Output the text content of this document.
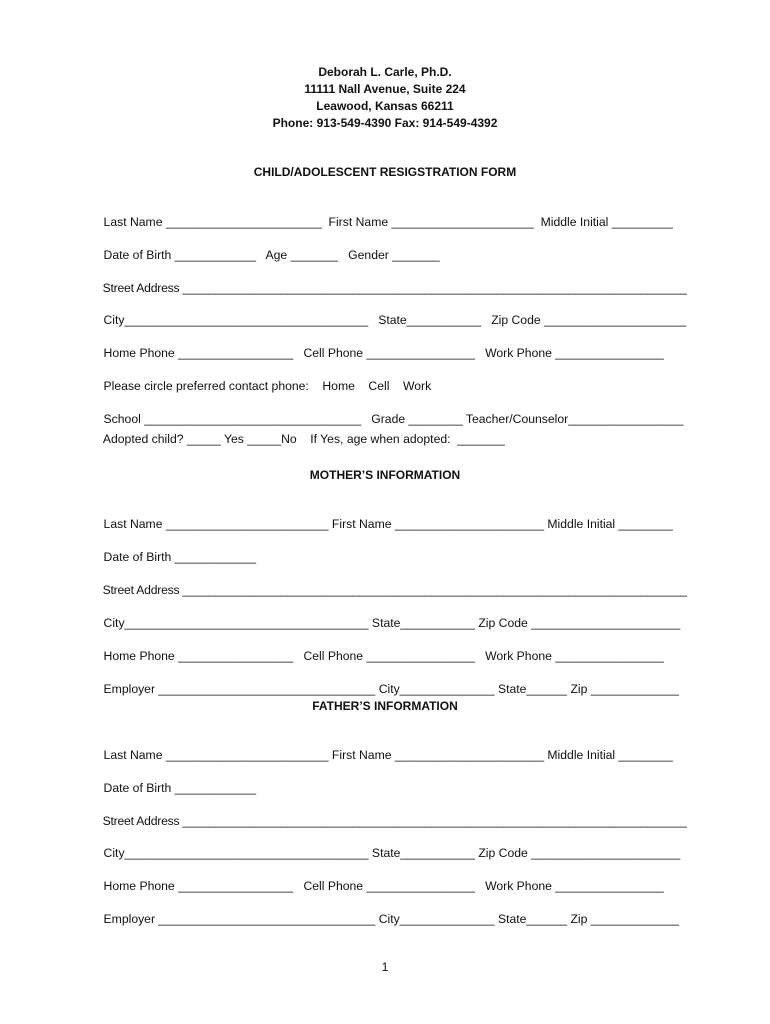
Deborah L. Carle, Ph.D.
11111 Nall Avenue, Suite 224
Leawood, Kansas 66211
Phone: 913-549-4390 Fax: 914-549-4392
CHILD/ADOLESCENT RESIGSTRATION FORM

Last Name _______________________  First Name _____________________  Middle Initial _________

Date of Birth ____________   Age _______   Gender _______

Street Address _____________________________________________________________________________

City____________________________________   State___________   Zip Code _____________________

Home Phone _________________   Cell Phone ________________   Work Phone ________________

Please circle preferred contact phone:    Home    Cell    Work

School ________________________________   Grade ________ Teacher/Counselor_________________

Adopted child? _____ Yes _____No    If Yes, age when adopted:  _______

MOTHER’S INFORMATION

Last Name ________________________ First Name ______________________ Middle Initial ________

Date of Birth ____________

Street Address _____________________________________________________________________________

City____________________________________ State___________ Zip Code ______________________

Home Phone _________________   Cell Phone ________________   Work Phone ________________

Employer ________________________________ City______________ State______ Zip _____________

FATHER’S INFORMATION

Last Name ________________________ First Name ______________________ Middle Initial ________

Date of Birth ____________

Street Address _____________________________________________________________________________

City____________________________________ State___________ Zip Code ______________________

Home Phone _________________   Cell Phone ________________   Work Phone ________________

Employer ________________________________ City______________ State______ Zip _____________

1
